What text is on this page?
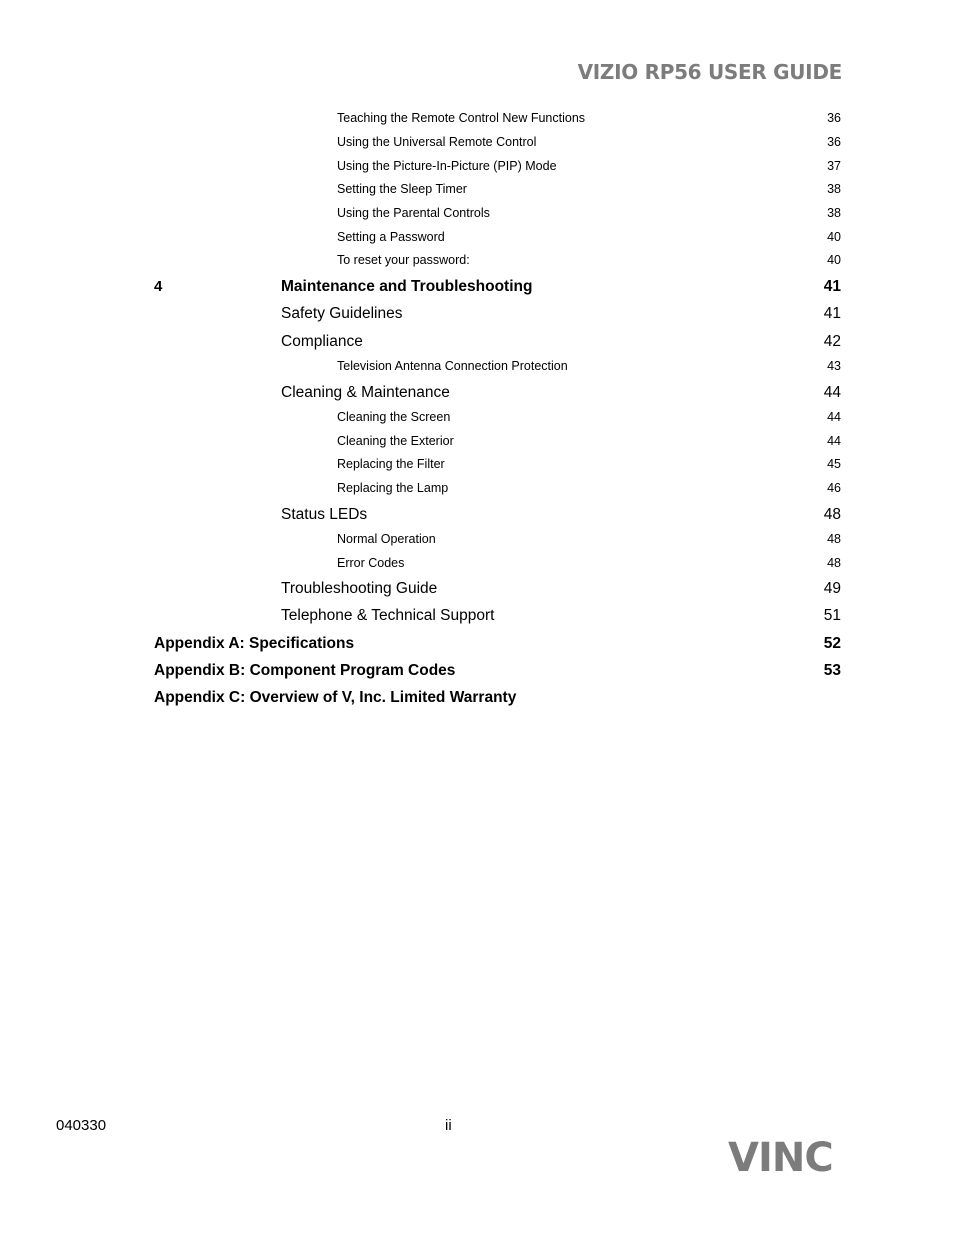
VIZIO RP56 USER GUIDE
Teaching the Remote Control New Functions	36
Using the Universal Remote Control	36
Using the Picture-In-Picture (PIP) Mode	37
Setting the Sleep Timer	38
Using the Parental Controls	38
Setting a Password	40
To reset your password:	40
4	Maintenance and Troubleshooting	41
Safety Guidelines	41
Compliance	42
Television Antenna Connection Protection	43
Cleaning & Maintenance	44
Cleaning the Screen	44
Cleaning the Exterior	44
Replacing the Filter	45
Replacing the Lamp	46
Status LEDs	48
Normal Operation	48
Error Codes	48
Troubleshooting Guide	49
Telephone & Technical Support	51
Appendix A: Specifications	52
Appendix B: Component Program Codes	53
Appendix C: Overview of V, Inc. Limited Warranty
040330	ii
VINC
